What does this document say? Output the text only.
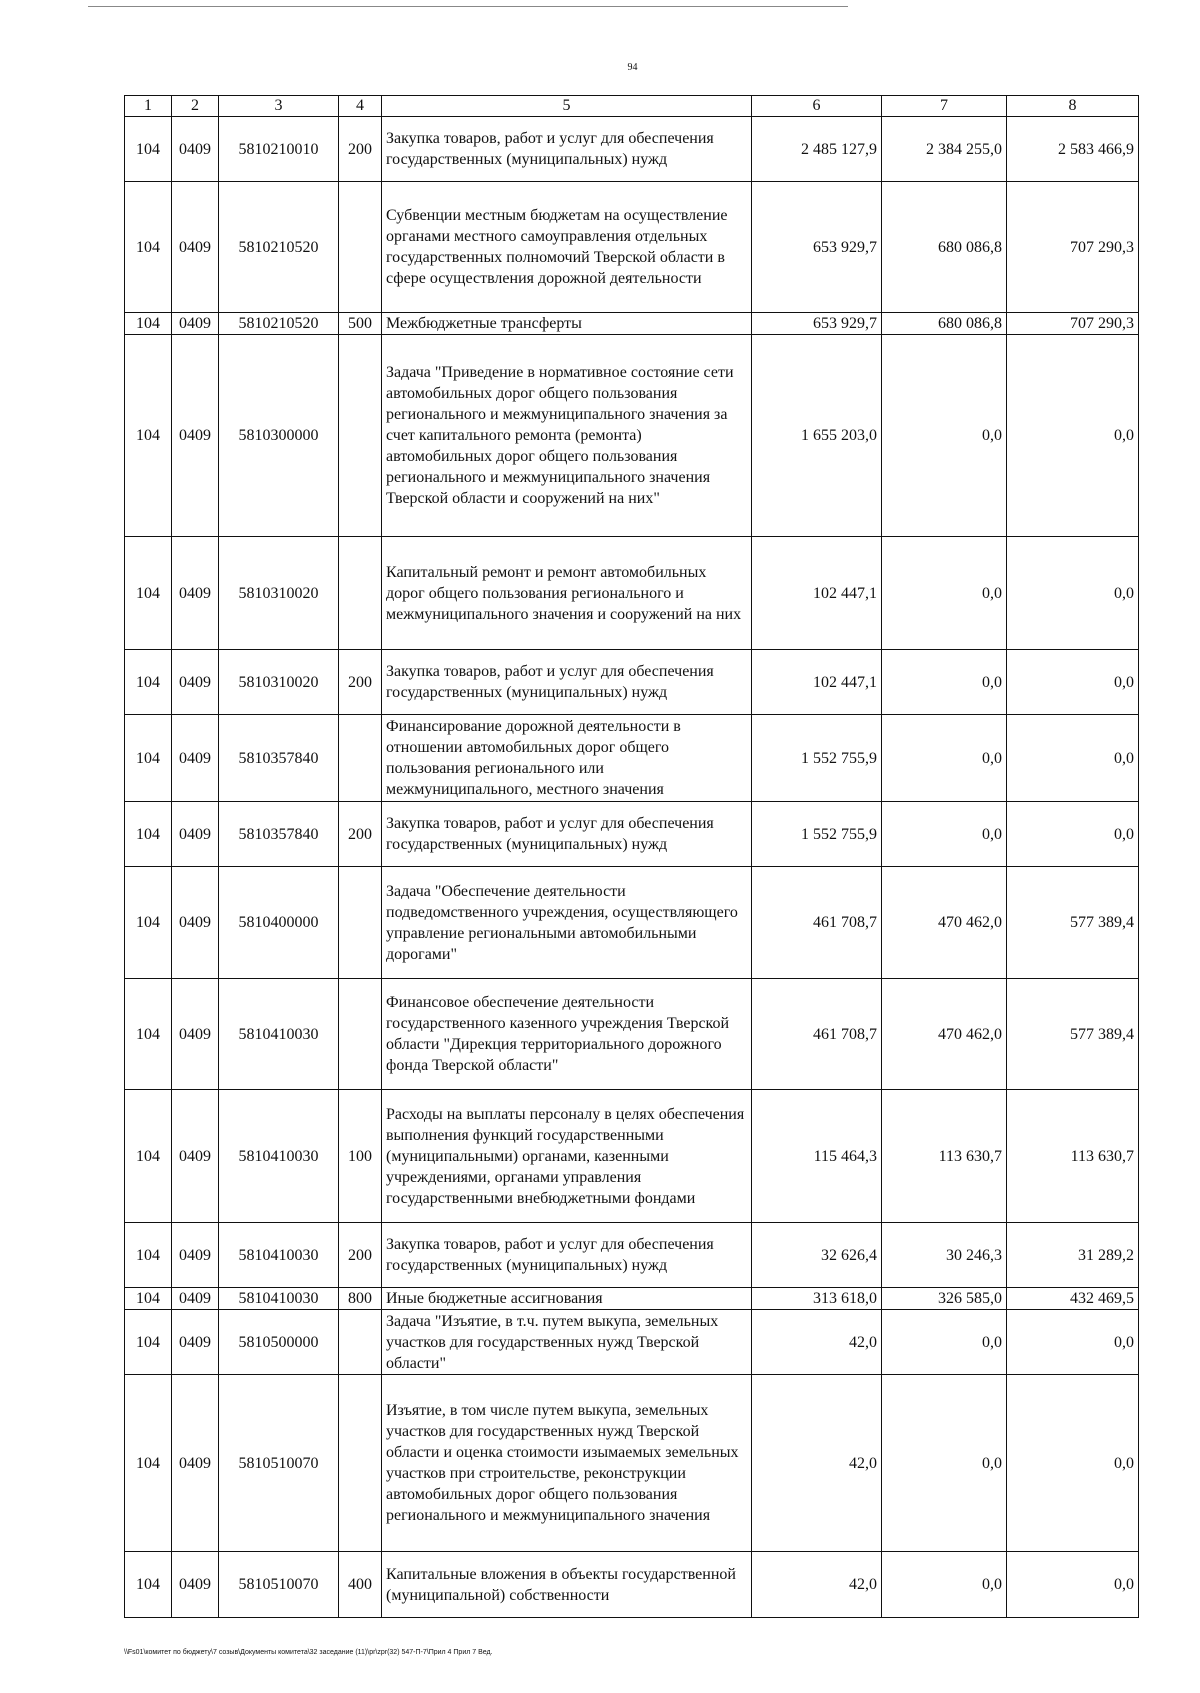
94
1	2	3	4	5	6	7	8
104	0409	5810210010	200	Закупка товаров, работ и услуг для обеспечения государственных (муниципальных) нужд	2 485 127,9	2 384 255,0	2 583 466,9
104	0409	5810210520		Субвенции местным бюджетам на осуществление органами местного самоуправления отдельных государственных полномочий Тверской области в сфере осуществления дорожной деятельности	653 929,7	680 086,8	707 290,3
104	0409	5810210520	500	Межбюджетные трансферты	653 929,7	680 086,8	707 290,3
104	0409	5810300000		Задача "Приведение в нормативное состояние сети автомобильных дорог общего пользования регионального и межмуниципального значения за счет капитального ремонта (ремонта) автомобильных дорог общего пользования регионального и межмуниципального значения Тверской области и сооружений на них"	1 655 203,0	0,0	0,0
104	0409	5810310020		Капитальный ремонт и ремонт автомобильных дорог общего пользования регионального и межмуниципального значения и сооружений на них	102 447,1	0,0	0,0
104	0409	5810310020	200	Закупка товаров, работ и услуг для обеспечения государственных (муниципальных) нужд	102 447,1	0,0	0,0
104	0409	5810357840		Финансирование дорожной деятельности в отношении автомобильных дорог общего пользования регионального или межмуниципального, местного значения	1 552 755,9	0,0	0,0
104	0409	5810357840	200	Закупка товаров, работ и услуг для обеспечения государственных (муниципальных) нужд	1 552 755,9	0,0	0,0
104	0409	5810400000		Задача "Обеспечение деятельности подведомственного учреждения, осуществляющего управление региональными автомобильными дорогами"	461 708,7	470 462,0	577 389,4
104	0409	5810410030		Финансовое обеспечение деятельности государственного казенного учреждения Тверской области "Дирекция территориального дорожного фонда Тверской области"	461 708,7	470 462,0	577 389,4
104	0409	5810410030	100	Расходы на выплаты персоналу в целях обеспечения выполнения функций государственными (муниципальными) органами, казенными учреждениями, органами управления государственными внебюджетными фондами	115 464,3	113 630,7	113 630,7
104	0409	5810410030	200	Закупка товаров, работ и услуг для обеспечения государственных (муниципальных) нужд	32 626,4	30 246,3	31 289,2
104	0409	5810410030	800	Иные бюджетные ассигнования	313 618,0	326 585,0	432 469,5
104	0409	5810500000		Задача "Изъятие, в т.ч. путем выкупа, земельных участков для государственных нужд Тверской области"	42,0	0,0	0,0
104	0409	5810510070		Изъятие, в том числе путем выкупа, земельных участков для государственных нужд Тверской области и оценка стоимости изымаемых земельных участков при строительстве, реконструкции автомобильных дорог общего пользования регионального и межмуниципального значения	42,0	0,0	0,0
104	0409	5810510070	400	Капитальные вложения в объекты государственной (муниципальной) собственности	42,0	0,0	0,0
\\Fs01\комитет по бюджету\7 созыв\Документы комитета\32 заседание (11)\pr\zpr(32) 547-П-7\Прил 4 Прил 7 Вед.
